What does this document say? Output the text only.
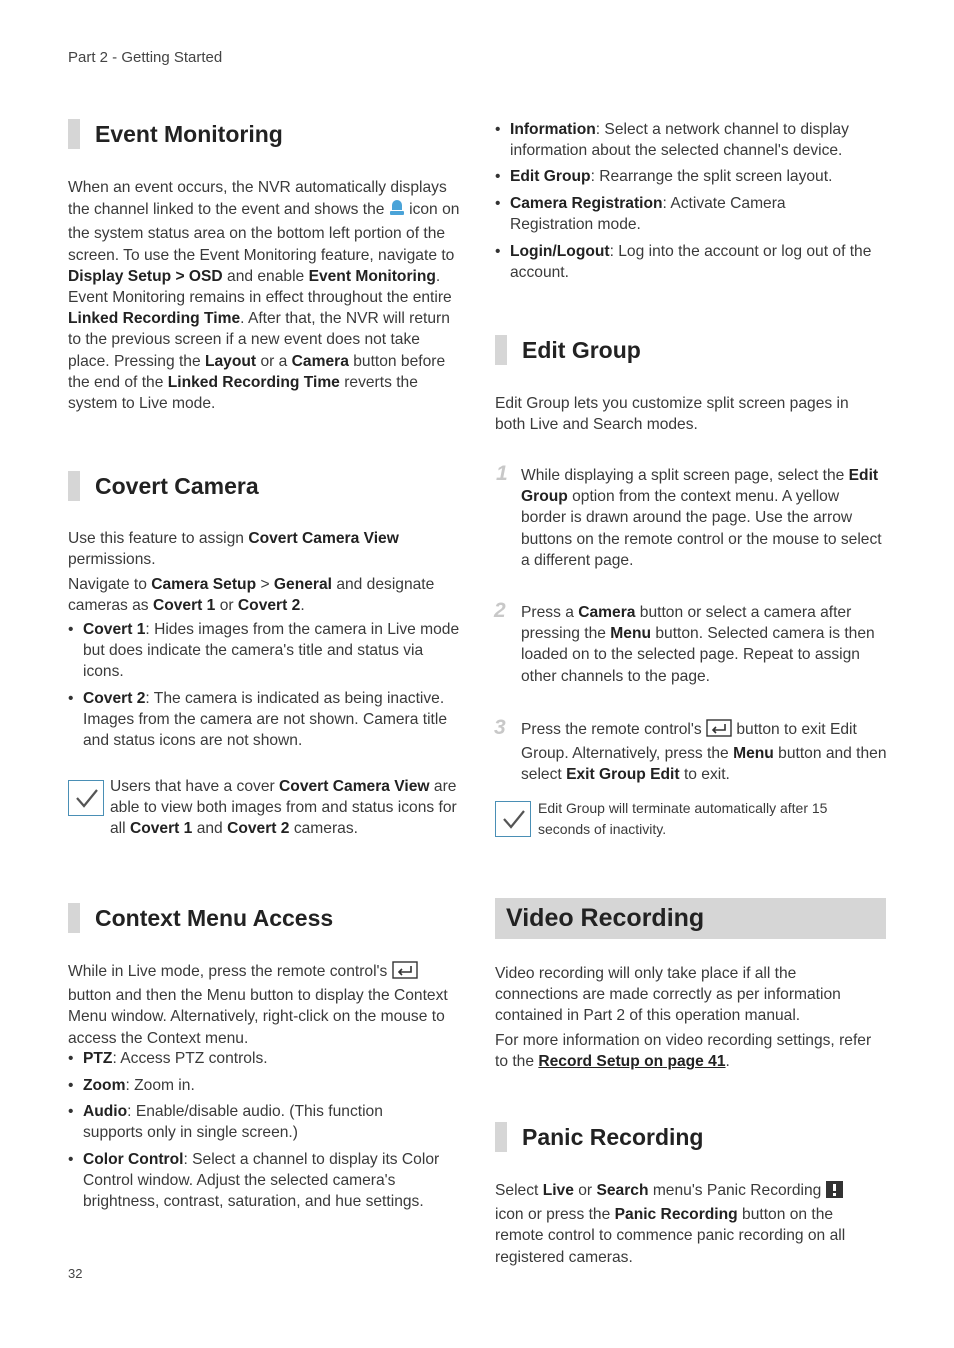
Part 2 - Getting Started
32
Event Monitoring
When an event occurs, the NVR automatically displays the channel linked to the event and shows the icon on the system status area on the bottom left portion of the screen. To use the Event Monitoring feature, navigate to Display Setup > OSD and enable Event Monitoring. Event Monitoring remains in effect throughout the entire Linked Recording Time. After that, the NVR will return to the previous screen if a new event does not take place. Pressing the Layout or a Camera button before the end of the Linked Recording Time reverts the system to Live mode.
Covert Camera
Use this feature to assign Covert Camera View permissions.
Navigate to Camera Setup > General and designate cameras as Covert 1 or Covert 2.
• Covert 1: Hides images from the camera in Live mode but does indicate the camera's title and status via icons.
• Covert 2: The camera is indicated as being inactive. Images from the camera are not shown. Camera title and status icons are not shown.
Users that have a cover Covert Camera View are able to view both images from and status icons for all Covert 1 and Covert 2 cameras.
Context Menu Access
While in Live mode, press the remote control's  button and then the Menu button to display the Context Menu window. Alternatively, right-click on the mouse to access the Context menu.
• PTZ: Access PTZ controls.
• Zoom: Zoom in.
• Audio: Enable/disable audio. (This function supports only in single screen.)
• Color Control: Select a channel to display its Color Control window. Adjust the selected camera's brightness, contrast, saturation, and hue settings.
• Information: Select a network channel to display information about the selected channel's device.
• Edit Group: Rearrange the split screen layout.
• Camera Registration: Activate Camera Registration mode.
• Login/Logout: Log into the account or log out of the account.
Edit Group
Edit Group lets you customize split screen pages in both Live and Search modes.
1 While displaying a split screen page, select the Edit Group option from the context menu. A yellow border is drawn around the page. Use the arrow buttons on the remote control or the mouse to select a different page.
2 Press a Camera button or select a camera after pressing the Menu button. Selected camera is then loaded on to the selected page. Repeat to assign other channels to the page.
3 Press the remote control's button to exit Edit Group. Alternatively, press the Menu button and then select Exit Group Edit to exit.
Edit Group will terminate automatically after 15 seconds of inactivity.
Video Recording
Video recording will only take place if all the connections are made correctly as per information contained in Part 2 of this operation manual.
For more information on video recording settings, refer to the Record Setup on page 41.
Panic Recording
Select Live or Search menu's Panic Recording  icon or press the Panic Recording button on the remote control to commence panic recording on all registered cameras.
